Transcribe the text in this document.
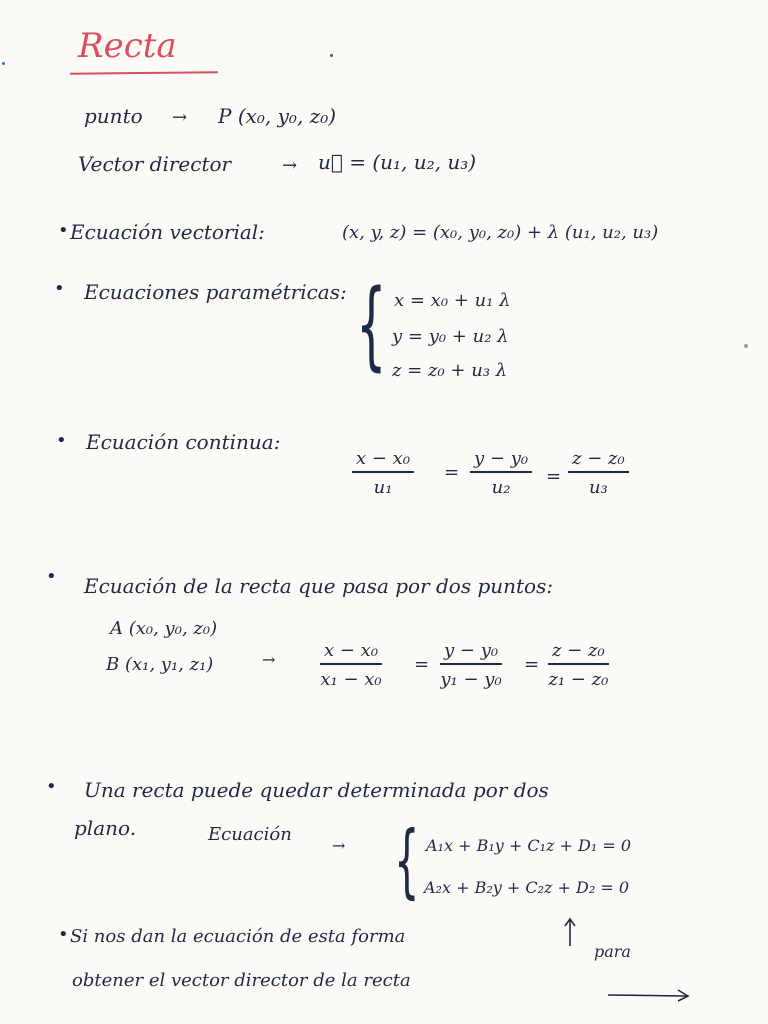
Recta
punto → P (x₀, y₀, z₀)
Vector director	→ u⃗ = (u₁, u₂, u₃)
• Ecuación vectorial:	(x, y, z) = (x₀, y₀, z₀) + λ (u₁, u₂, u₃)
• Ecuaciones paramétricas: { x = x₀ + u₁ λ
y = y₀ + u₂ λ
z = z₀ + u₃ λ
• Ecuación continua:
x − x₀
u₁
=
y − y₀
u₂ =
z − z₀
u₃
• Ecuación de la recta que pasa por dos puntos:
A (x₀, y₀, z₀)
B (x₁, y₁, z₁)	→	x − x₀
x₁ − x₀
=
y − y₀
y₁ − y₀
=
z − z₀
z₁ − z₀
• Una recta puede quedar determinada por dos
plano.	Ecuación
→ { A₁x + B₁y + C₁z + D₁ = 0
A₂x + B₂y + C₂z + D₂ = 0
• Si nos dan la ecuación de esta forma
para
obtener el vector director de la recta
